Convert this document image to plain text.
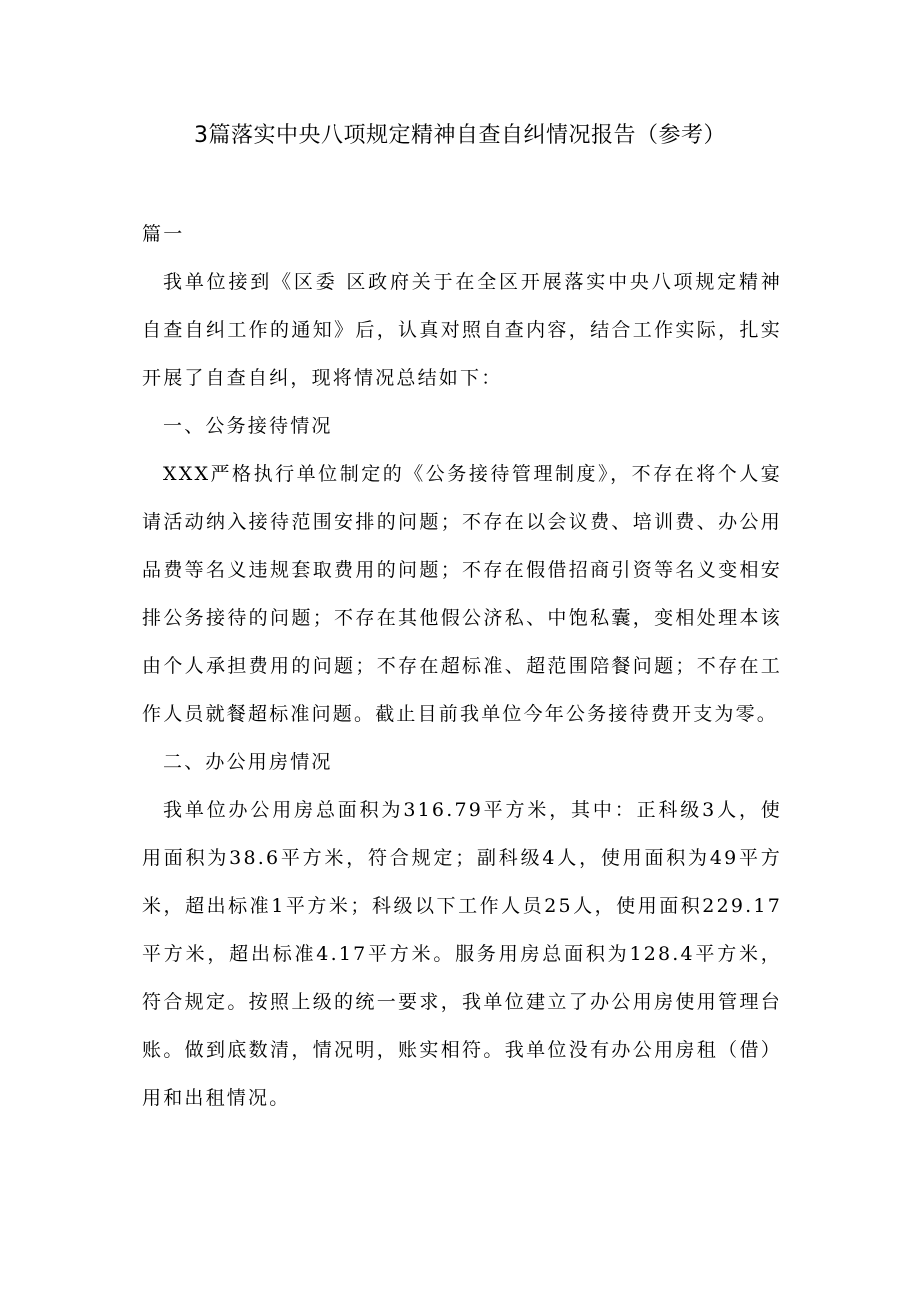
3篇落实中央八项规定精神自查自纠情况报告（参考）

篇一

我单位接到《区委 区政府关于在全区开展落实中央八项规定精神自查自纠工作的通知》后，认真对照自查内容，结合工作实际，扎实开展了自查自纠，现将情况总结如下：

一、公务接待情况

XXX严格执行单位制定的《公务接待管理制度》，不存在将个人宴请活动纳入接待范围安排的问题；不存在以会议费、培训费、办公用品费等名义违规套取费用的问题；不存在假借招商引资等名义变相安排公务接待的问题；不存在其他假公济私、中饱私囊，变相处理本该由个人承担费用的问题；不存在超标准、超范围陪餐问题；不存在工作人员就餐超标准问题。截止目前我单位今年公务接待费开支为零。

二、办公用房情况

我单位办公用房总面积为316.79平方米，其中：正科级3人，使用面积为38.6平方米，符合规定；副科级4人，使用面积为49平方米，超出标准1平方米；科级以下工作人员25人，使用面积229.17平方米，超出标准4.17平方米。服务用房总面积为128.4平方米，符合规定。按照上级的统一要求，我单位建立了办公用房使用管理台账。做到底数清，情况明，账实相符。我单位没有办公用房租（借）用和出租情况。
